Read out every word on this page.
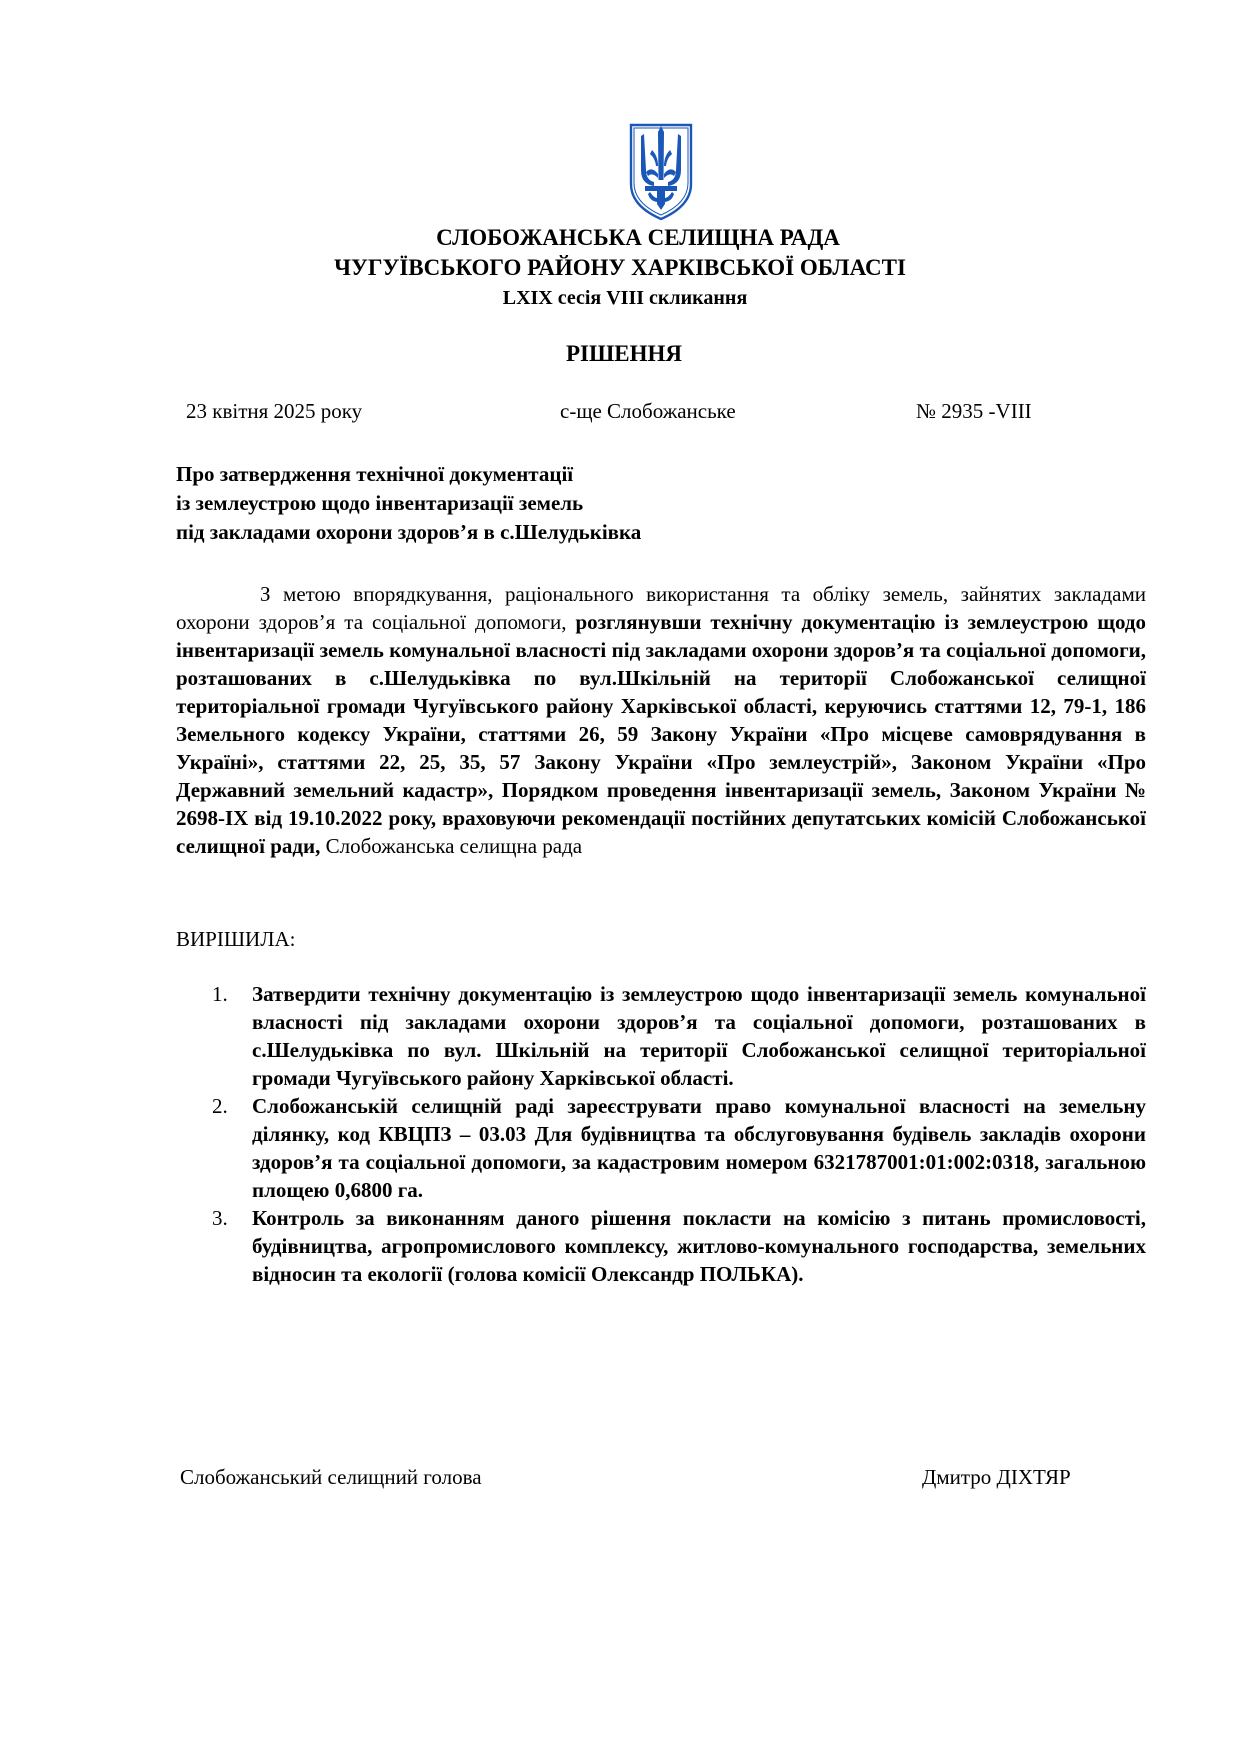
СЛОБОЖАНСЬКА СЕЛИЩНА РАДА
ЧУГУЇВСЬКОГО РАЙОНУ ХАРКІВСЬКОЇ ОБЛАСТІ
LXIX сесія VIII скликання
РІШЕННЯ
23 квітня 2025 року	с-ще Слобожанське	№ 2935 -VIII
Про затвердження технічної документації
із землеустрою щодо інвентаризації земель
під закладами охорони здоров’я в с.Шелудьківка
З метою впорядкування, раціонального використання та обліку земель, зайнятих закладами охорони здоров’я та соціальної допомоги, розглянувши технічну документацію із землеустрою щодо інвентаризації земель комунальної власності під закладами охорони здоров’я та соціальної допомоги, розташованих в с.Шелудьківка по вул.Шкільній на території Слобожанської селищної територіальної громади Чугуївського району Харківської області, керуючись статтями 12, 79-1, 186 Земельного кодексу України, статтями 26, 59 Закону України «Про місцеве самоврядування в Україні», статтями 22, 25, 35, 57 Закону України «Про землеустрій», Законом України «Про Державний земельний кадастр», Порядком проведення інвентаризації земель, Законом України № 2698-IX від 19.10.2022 року, враховуючи рекомендації постійних депутатських комісій Слобожанської селищної ради, Слобожанська селищна рада
ВИРІШИЛА:
1.	Затвердити технічну документацію із землеустрою щодо інвентаризації земель комунальної власності під закладами охорони здоров’я та соціальної допомоги, розташованих в с.Шелудьківка по вул. Шкільній на території Слобожанської селищної територіальної громади Чугуївського району Харківської області.
2.	Слобожанській селищній раді зареєструвати право комунальної власності на земельну ділянку, код КВЦПЗ – 03.03 Для будівництва та обслуговування будівель закладів охорони здоров’я та соціальної допомоги, за кадастровим номером 6321787001:01:002:0318, загальною площею 0,6800 га.
3.	Контроль за виконанням даного рішення покласти на комісію з питань промисловості, будівництва, агропромислового комплексу, житлово-комунального господарства, земельних відносин та екології (голова комісії Олександр ПОЛЬКА).
Слобожанський селищний голова	Дмитро ДІХТЯР
